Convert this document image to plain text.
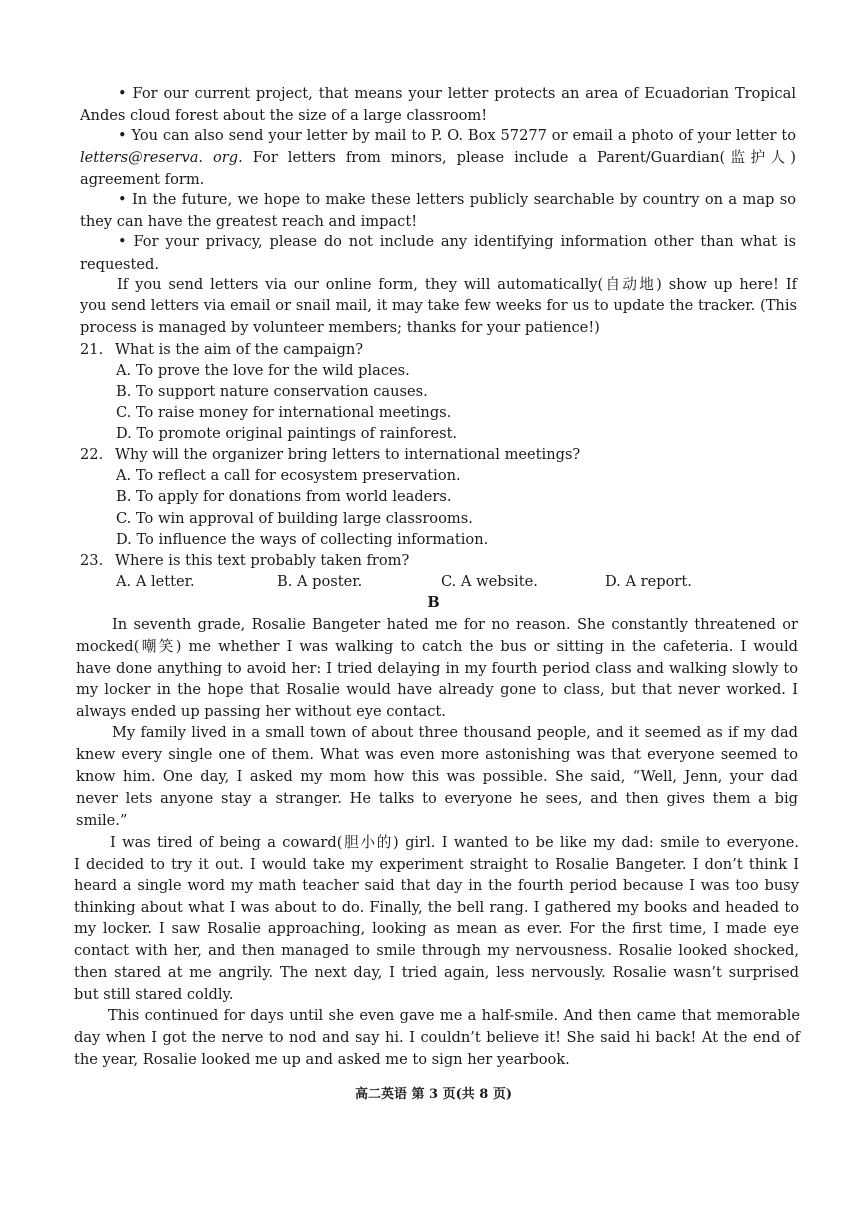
• For our current project, that means your letter protects an area of Ecuadorian Tropical
Andes cloud forest about the size of a large classroom!
• You can also send your letter by mail to P. O. Box 57277 or email a photo of your letter to
letters@reserva. org. For letters from minors, please include a Parent/Guardian(监护人)
agreement form.
• In the future, we hope to make these letters publicly searchable by country on a map so
they can have the greatest reach and impact!
• For your privacy, please do not include any identifying information other than what is
requested.
If you send letters via our online form, they will automatically(自动地) show up here! If
you send letters via email or snail mail, it may take few weeks for us to update the tracker. (This
process is managed by volunteer members; thanks for your patience!)
21. What is the aim of the campaign?
A. To prove the love for the wild places.
B. To support nature conservation causes.
C. To raise money for international meetings.
D. To promote original paintings of rainforest.
22. Why will the organizer bring letters to international meetings?
A. To reflect a call for ecosystem preservation.
B. To apply for donations from world leaders.
C. To win approval of building large classrooms.
D. To influence the ways of collecting information.
23. Where is this text probably taken from?
A. A letter.	B. A poster.	C. A website.	D. A report.
B
In seventh grade, Rosalie Bangeter hated me for no reason. She constantly threatened or
mocked(嘲笑) me whether I was walking to catch the bus or sitting in the cafeteria. I would
have done anything to avoid her: I tried delaying in my fourth period class and walking slowly to
my locker in the hope that Rosalie would have already gone to class, but that never worked. I
always ended up passing her without eye contact.
My family lived in a small town of about three thousand people, and it seemed as if my dad
knew every single one of them. What was even more astonishing was that everyone seemed to
know him. One day, I asked my mom how this was possible. She said, “Well, Jenn, your dad
never lets anyone stay a stranger. He talks to everyone he sees, and then gives them a big
smile.”
I was tired of being a coward(胆小的) girl. I wanted to be like my dad: smile to everyone.
I decided to try it out. I would take my experiment straight to Rosalie Bangeter. I don’t think I
heard a single word my math teacher said that day in the fourth period because I was too busy
thinking about what I was about to do. Finally, the bell rang. I gathered my books and headed to
my locker. I saw Rosalie approaching, looking as mean as ever. For the first time, I made eye
contact with her, and then managed to smile through my nervousness. Rosalie looked shocked,
then stared at me angrily. The next day, I tried again, less nervously. Rosalie wasn’t surprised
but still stared coldly.
This continued for days until she even gave me a half-smile. And then came that memorable
day when I got the nerve to nod and say hi. I couldn’t believe it! She said hi back! At the end of
the year, Rosalie looked me up and asked me to sign her yearbook.
高二英语 第 3 页(共 8 页)
